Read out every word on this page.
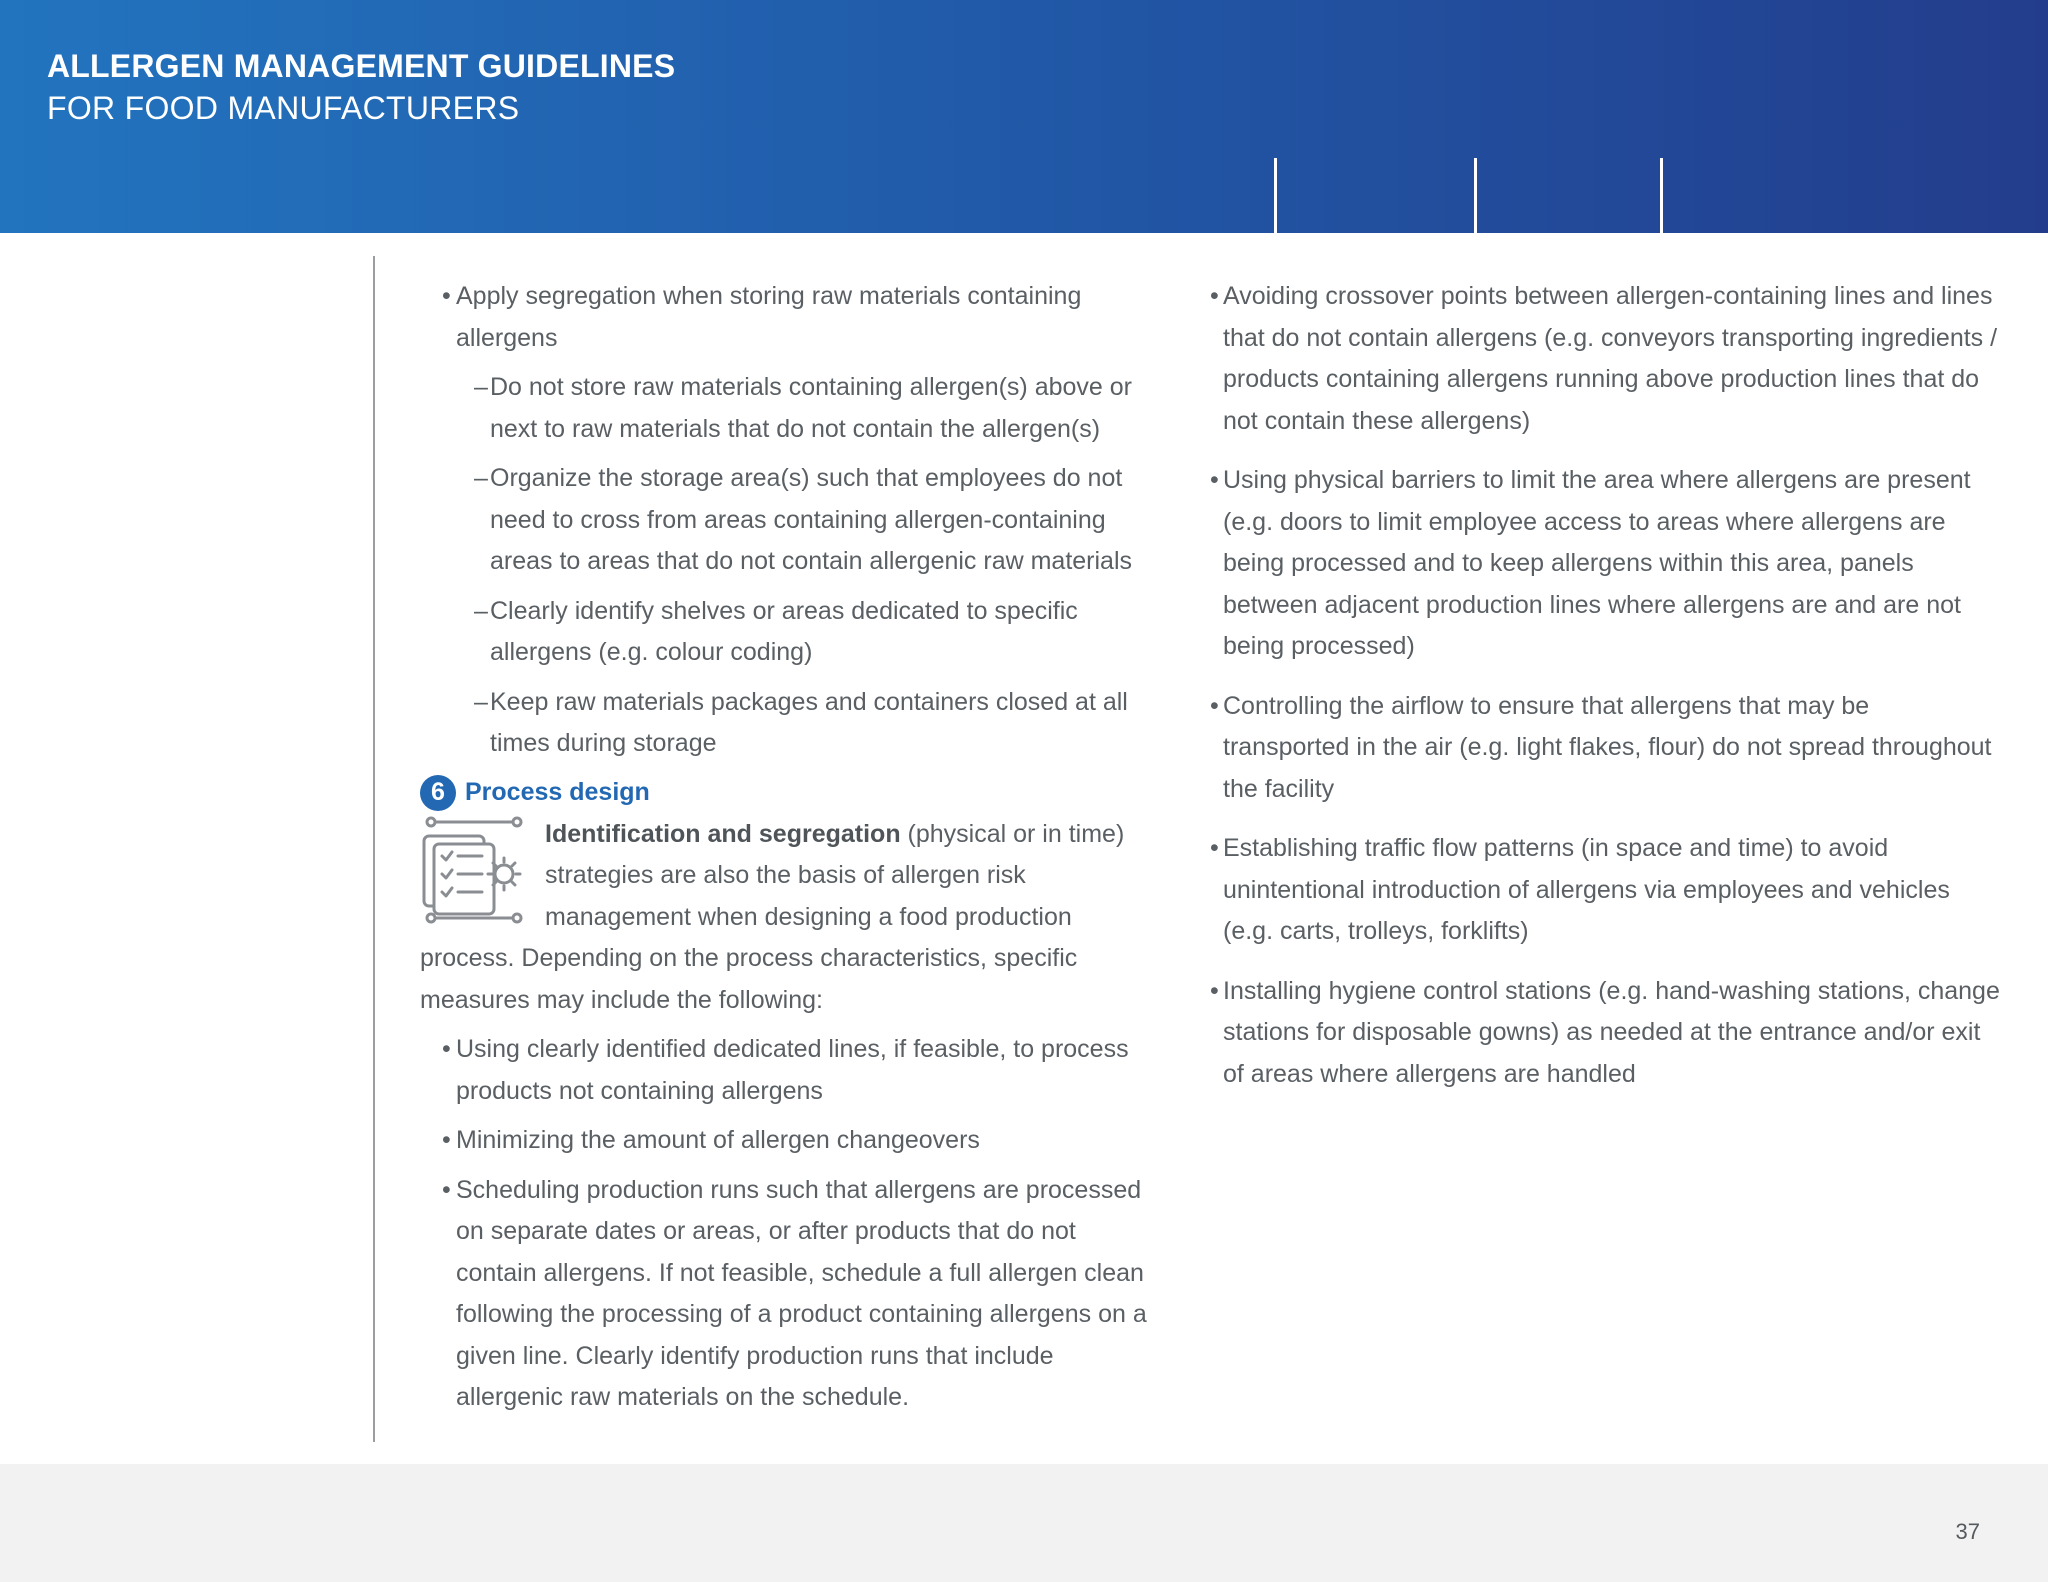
ALLERGEN MANAGEMENT GUIDELINES
FOR FOOD MANUFACTURERS
• Apply segregation when storing raw materials containing allergens
– Do not store raw materials containing allergen(s) above or next to raw materials that do not contain the allergen(s)
– Organize the storage area(s) such that employees do not need to cross from areas containing allergen-containing areas to areas that do not contain allergenic raw materials
– Clearly identify shelves or areas dedicated to specific allergens (e.g. colour coding)
– Keep raw materials packages and containers closed at all times during storage
6 Process design
Identification and segregation (physical or in time) strategies are also the basis of allergen risk management when designing a food production process. Depending on the process characteristics, specific measures may include the following:
• Using clearly identified dedicated lines, if feasible, to process products not containing allergens
• Minimizing the amount of allergen changeovers
• Scheduling production runs such that allergens are processed on separate dates or areas, or after products that do not contain allergens. If not feasible, schedule a full allergen clean following the processing of a product containing allergens on a given line. Clearly identify production runs that include allergenic raw materials on the schedule.
• Avoiding crossover points between allergen-containing lines and lines that do not contain allergens (e.g. conveyors transporting ingredients / products containing allergens running above production lines that do not contain these allergens)
• Using physical barriers to limit the area where allergens are present (e.g. doors to limit employee access to areas where allergens are being processed and to keep allergens within this area, panels between adjacent production lines where allergens are and are not being processed)
• Controlling the airflow to ensure that allergens that may be transported in the air (e.g. light flakes, flour) do not spread throughout the facility
• Establishing traffic flow patterns (in space and time) to avoid unintentional introduction of allergens via employees and vehicles (e.g. carts, trolleys, forklifts)
• Installing hygiene control stations (e.g. hand-washing stations, change stations for disposable gowns) as needed at the entrance and/or exit of areas where allergens are handled
37
